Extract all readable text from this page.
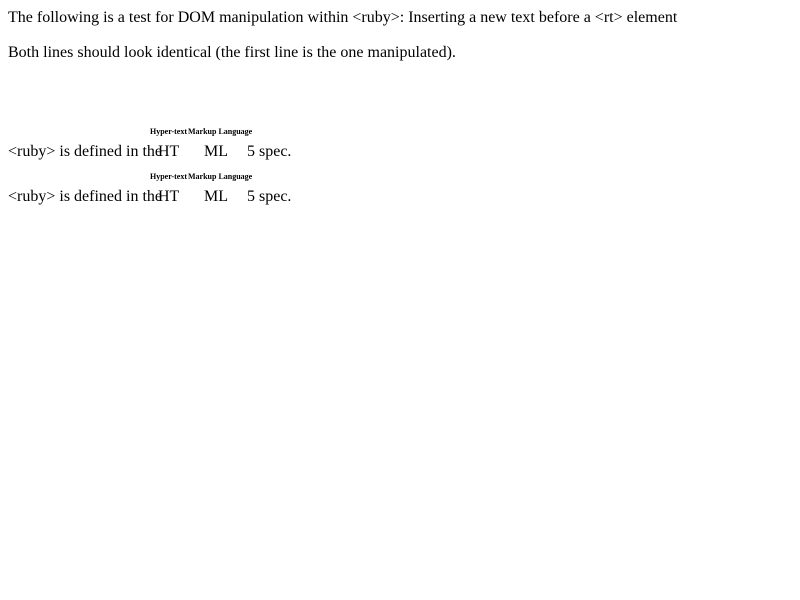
The following is a test for DOM manipulation within <ruby>: Inserting a new text before a <rt> element
Both lines should look identical (the first line is the one manipulated).
Hyper-text Markup Language
<ruby> is defined in the
HT ML 5 spec.
Hyper-text Markup Language
<ruby> is defined in the
HT ML 5 spec.
